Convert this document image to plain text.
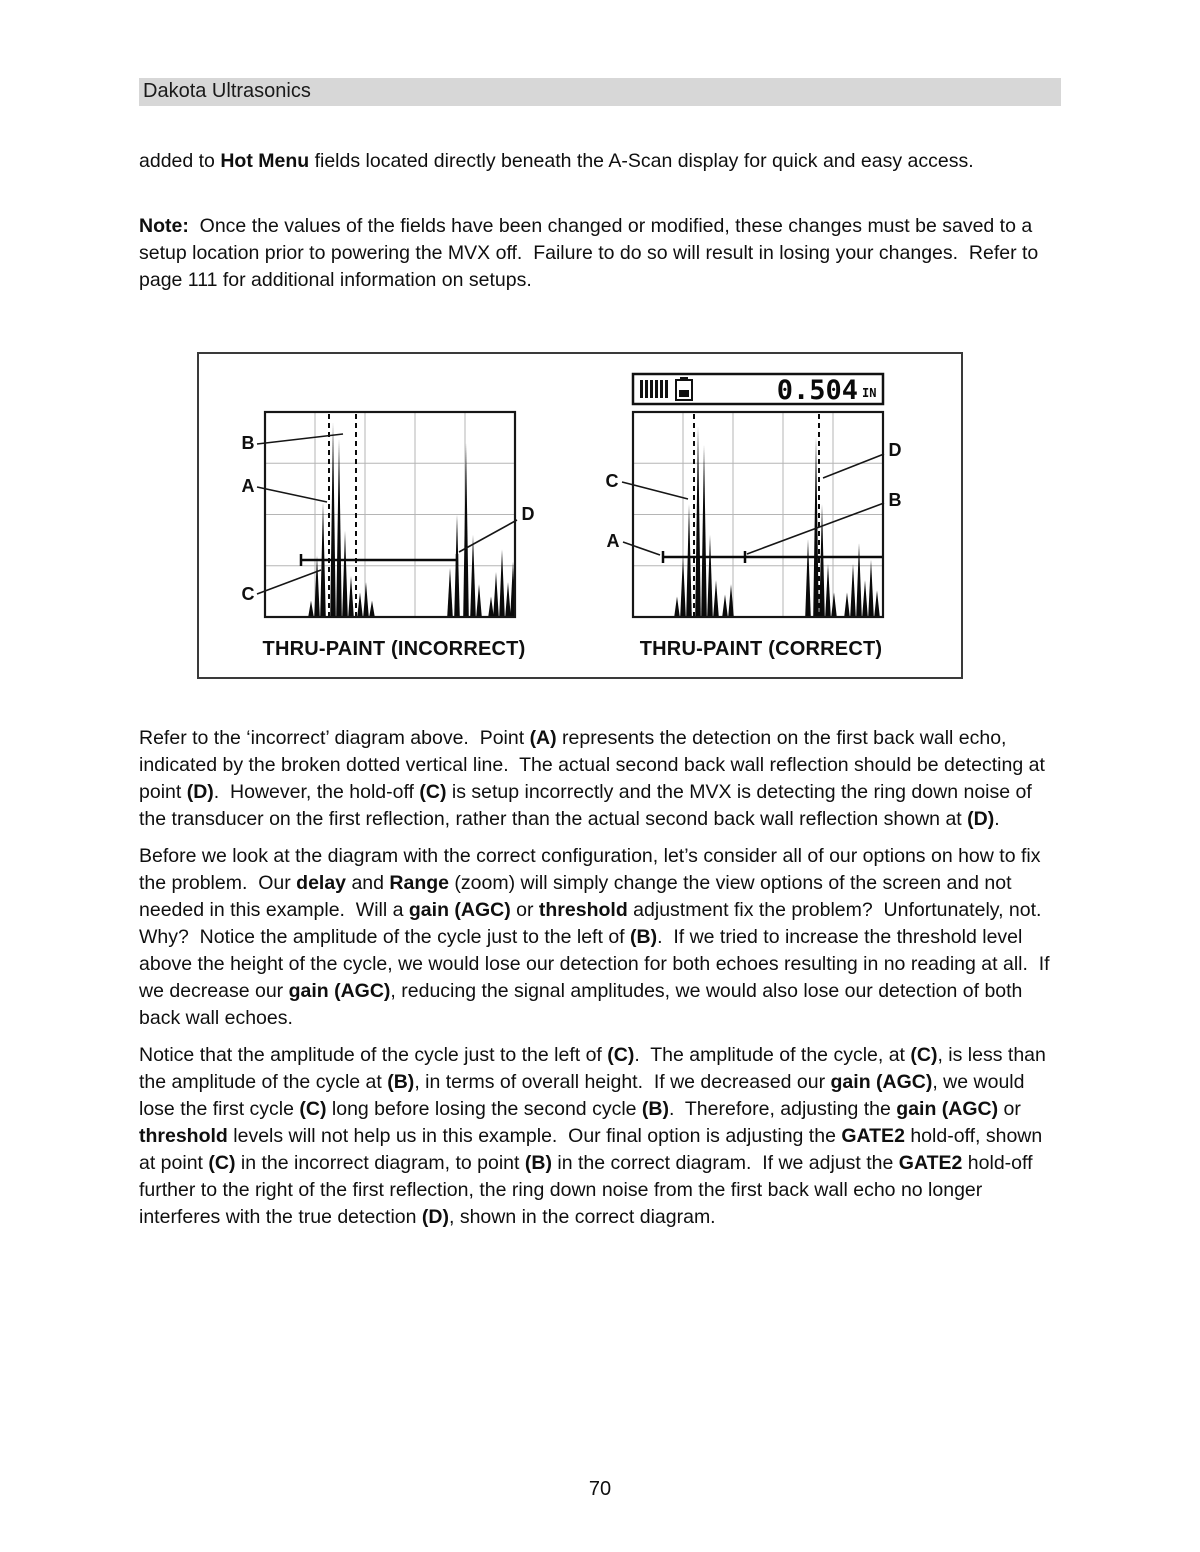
Dakota Ultrasonics
added to Hot Menu fields located directly beneath the A-Scan display for quick and easy access.
Note:  Once the values of the fields have been changed or modified, these changes must be saved to a setup location prior to powering the MVX off.  Failure to do so will result in losing your changes.  Refer to page 111 for additional information on setups.
B
A
C
D
THRU-PAINT (INCORRECT)
0.504 IN
C
A
D
B
THRU-PAINT (CORRECT)
Refer to the ‘incorrect’ diagram above.  Point (A) represents the detection on the first back wall echo, indicated by the broken dotted vertical line.  The actual second back wall reflection should be detecting at point (D).  However, the hold-off (C) is setup incorrectly and the MVX is detecting the ring down noise of the transducer on the first reflection, rather than the actual second back wall reflection shown at (D).
Before we look at the diagram with the correct configuration, let’s consider all of our options on how to fix the problem.  Our delay and Range (zoom) will simply change the view options of the screen and not needed in this example.  Will a gain (AGC) or threshold adjustment fix the problem?  Unfortunately, not.  Why?  Notice the amplitude of the cycle just to the left of (B).  If we tried to increase the threshold level above the height of the cycle, we would lose our detection for both echoes resulting in no reading at all.  If we decrease our gain (AGC), reducing the signal amplitudes, we would also lose our detection of both back wall echoes.
Notice that the amplitude of the cycle just to the left of (C).  The amplitude of the cycle, at (C), is less than the amplitude of the cycle at (B), in terms of overall height.  If we decreased our gain (AGC), we would lose the first cycle (C) long before losing the second cycle (B).  Therefore, adjusting the gain (AGC) or threshold levels will not help us in this example.  Our final option is adjusting the GATE2 hold-off, shown at point (C) in the incorrect diagram, to point (B) in the correct diagram.  If we adjust the GATE2 hold-off further to the right of the first reflection, the ring down noise from the first back wall echo no longer interferes with the true detection (D), shown in the correct diagram.
70
